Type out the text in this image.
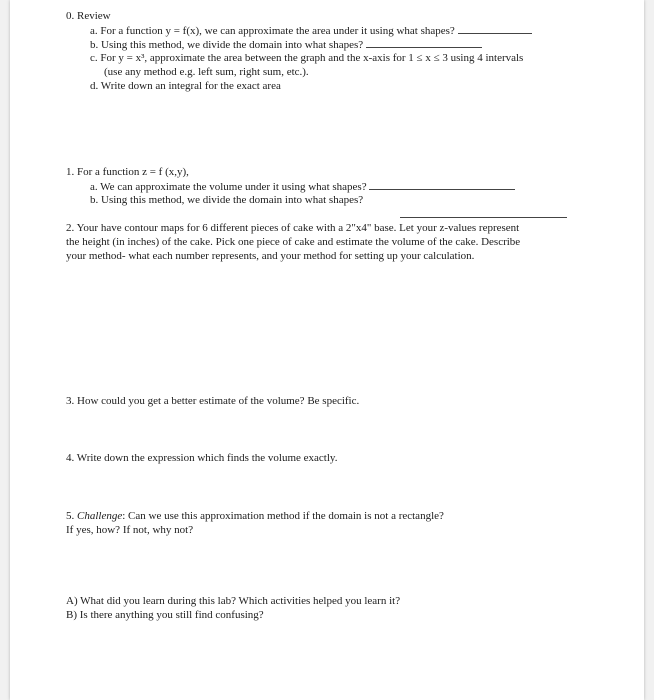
0. Review
a. For a function y = f(x), we can approximate the area under it using what shapes?
b. Using this method, we divide the domain into what shapes?
c. For y = x³, approximate the area between the graph and the x-axis for 1 ≤ x ≤ 3 using 4 intervals
(use any method e.g. left sum, right sum, etc.).
d. Write down an integral for the exact area
1. For a function z = f (x,y),
a. We can approximate the volume under it using what shapes?
b. Using this method, we divide the domain into what shapes?
2. Your have contour maps for 6 different pieces of cake with a 2"x4" base. Let your z-values represent
the height (in inches) of the cake. Pick one piece of cake and estimate the volume of the cake. Describe
your method- what each number represents, and your method for setting up your calculation.
3. How could you get a better estimate of the volume? Be specific.
4. Write down the expression which finds the volume exactly.
5. Challenge: Can we use this approximation method if the domain is not a rectangle?
If yes, how? If not, why not?
A) What did you learn during this lab? Which activities helped you learn it?
B) Is there anything you still find confusing?
